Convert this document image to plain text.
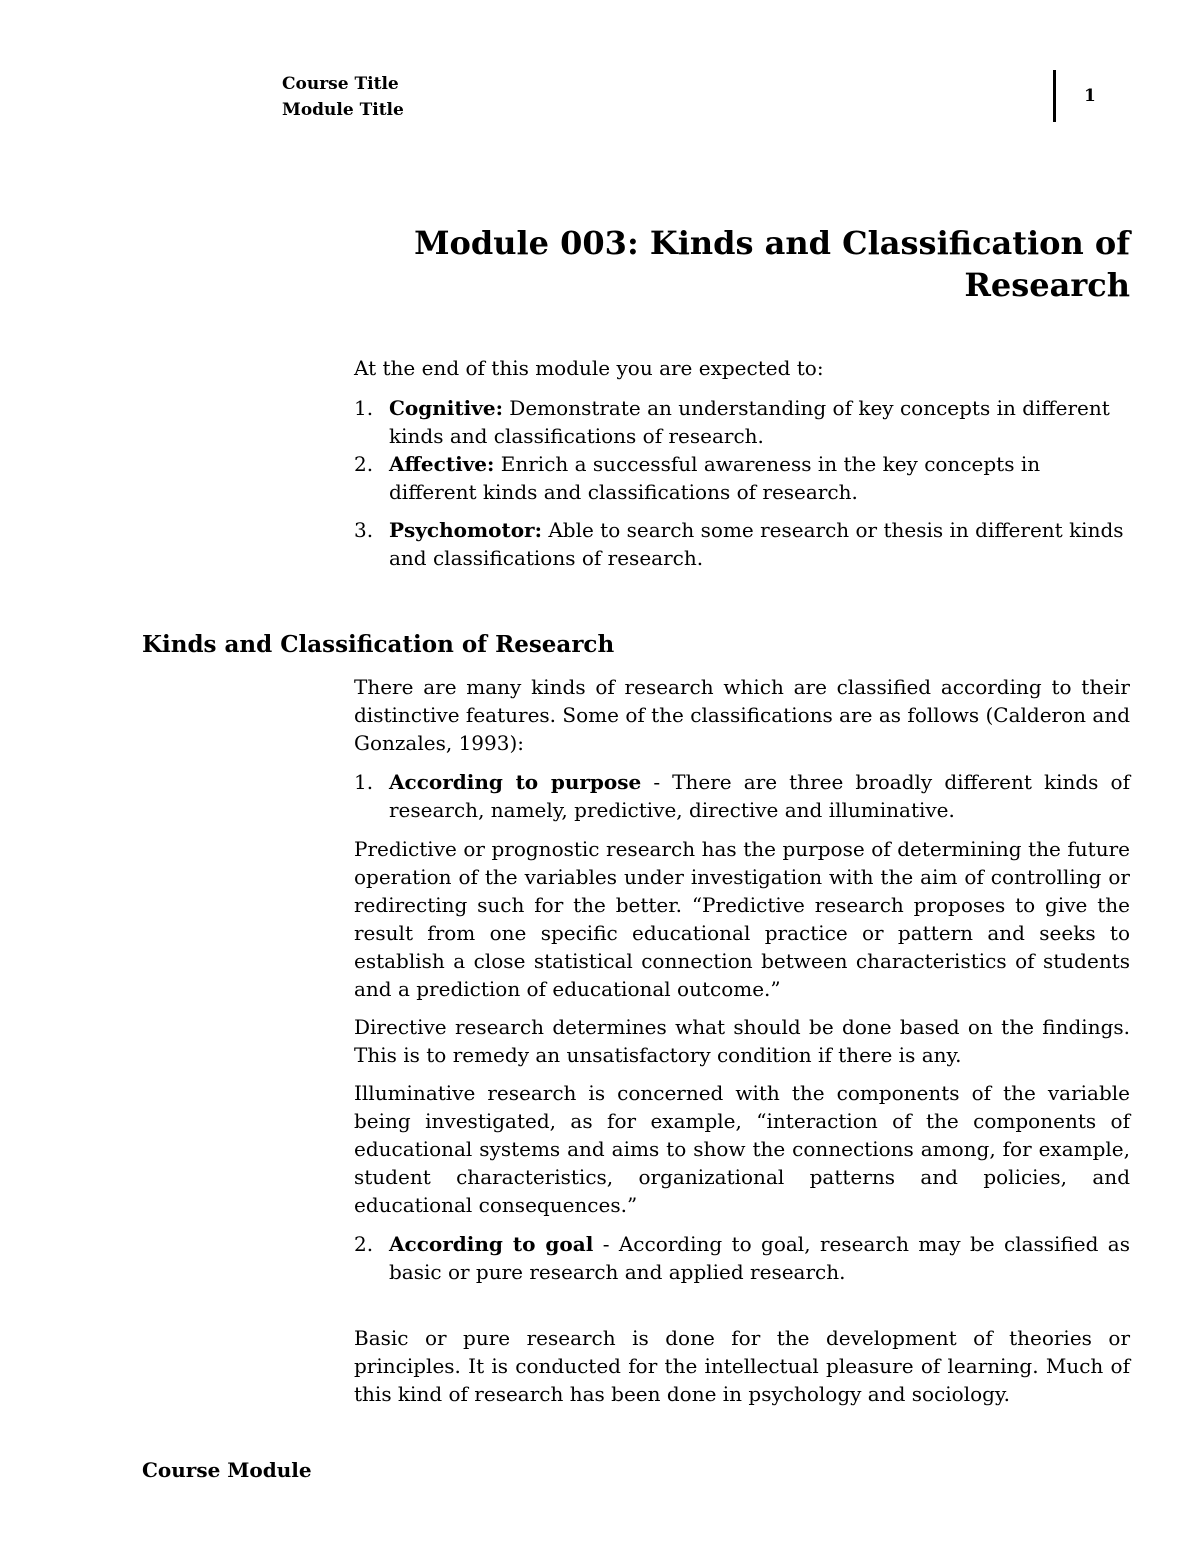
Course Title
Module Title
1
Module 003: Kinds and Classification of
Research
At the end of this module you are expected to:
1. Cognitive: Demonstrate an understanding of key concepts in different kinds and classifications of research.
2. Affective: Enrich a successful awareness in the key concepts in different kinds and classifications of research.
3. Psychomotor: Able to search some research or thesis in different kinds and classifications of research.
Kinds and Classification of Research
There are many kinds of research which are classified according to their distinctive features. Some of the classifications are as follows (Calderon and Gonzales, 1993):
1. According to purpose - There are three broadly different kinds of research, namely, predictive, directive and illuminative.
Predictive or prognostic research has the purpose of determining the future operation of the variables under investigation with the aim of controlling or redirecting such for the better. “Predictive research proposes to give the result from one specific educational practice or pattern and seeks to establish a close statistical connection between characteristics of students and a prediction of educational outcome.”
Directive research determines what should be done based on the findings. This is to remedy an unsatisfactory condition if there is any.
Illuminative research is concerned with the components of the variable being investigated, as for example, “interaction of the components of educational systems and aims to show the connections among, for example, student characteristics, organizational patterns and policies, and educational consequences.”
2. According to goal - According to goal, research may be classified as basic or pure research and applied research.
Basic or pure research is done for the development of theories or principles. It is conducted for the intellectual pleasure of learning. Much of this kind of research has been done in psychology and sociology.
Course Module
